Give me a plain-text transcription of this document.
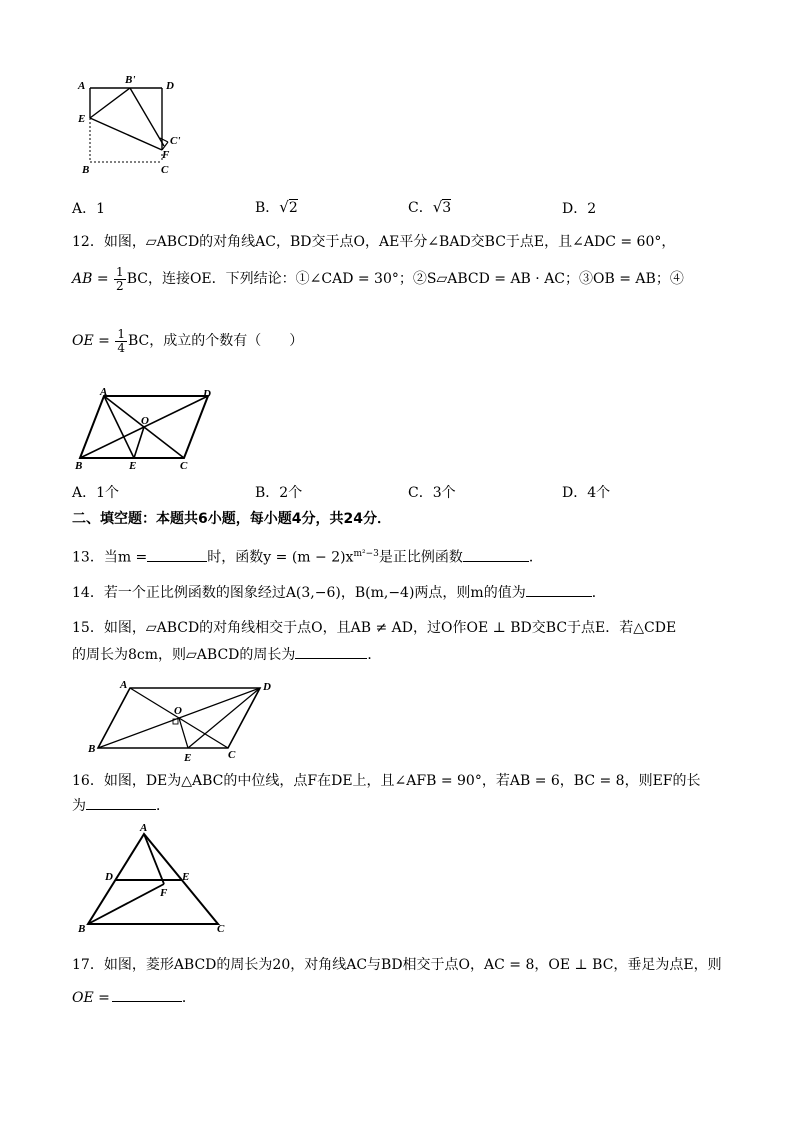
A	B'	D
E
C'
F
B	C
A．1	B．√2	C．√3	D．2
12．如图，▱ABCD的对角线AC，BD交于点O，AE平分∠BAD交BC于点E，且∠ADC = 60°，
AB = $\frac{1}{2}$ BC，连接OE．下列结论：①∠CAD = 30°；②S▱ABCD = AB · AC；③OB = AB；④
OE = $\frac{1}{4}$ BC，成立的个数有（　　）
A	D
O
B	E	C
A．1个	B．2个	C．3个	D．4个
二、填空题：本题共6小题，每小题4分，共24分．
13．当m =	时，函数$y = (m - 2)x^{m^2-3}$是正比例函数	．
14．若一个正比例函数的图象经过A(3,−6)，B(m,−4)两点，则m的值为	．
15．如图，▱ABCD的对角线相交于点O，且AB ≠ AD，过O作OE ⊥ BD交BC于点E．若△CDE
的周长为8cm，则▱ABCD的周长为	．
A	D
O
B
E	C
16．如图，DE为△ABC的中位线，点F在DE上，且∠AFB = 90°，若AB = 6，BC = 8，则EF的长
为	．
A
D	E
F
B	C
17．如图，菱形ABCD的周长为20，对角线AC与BD相交于点O，AC = 8，OE ⊥ BC，垂足为点E，则
OE =	．
